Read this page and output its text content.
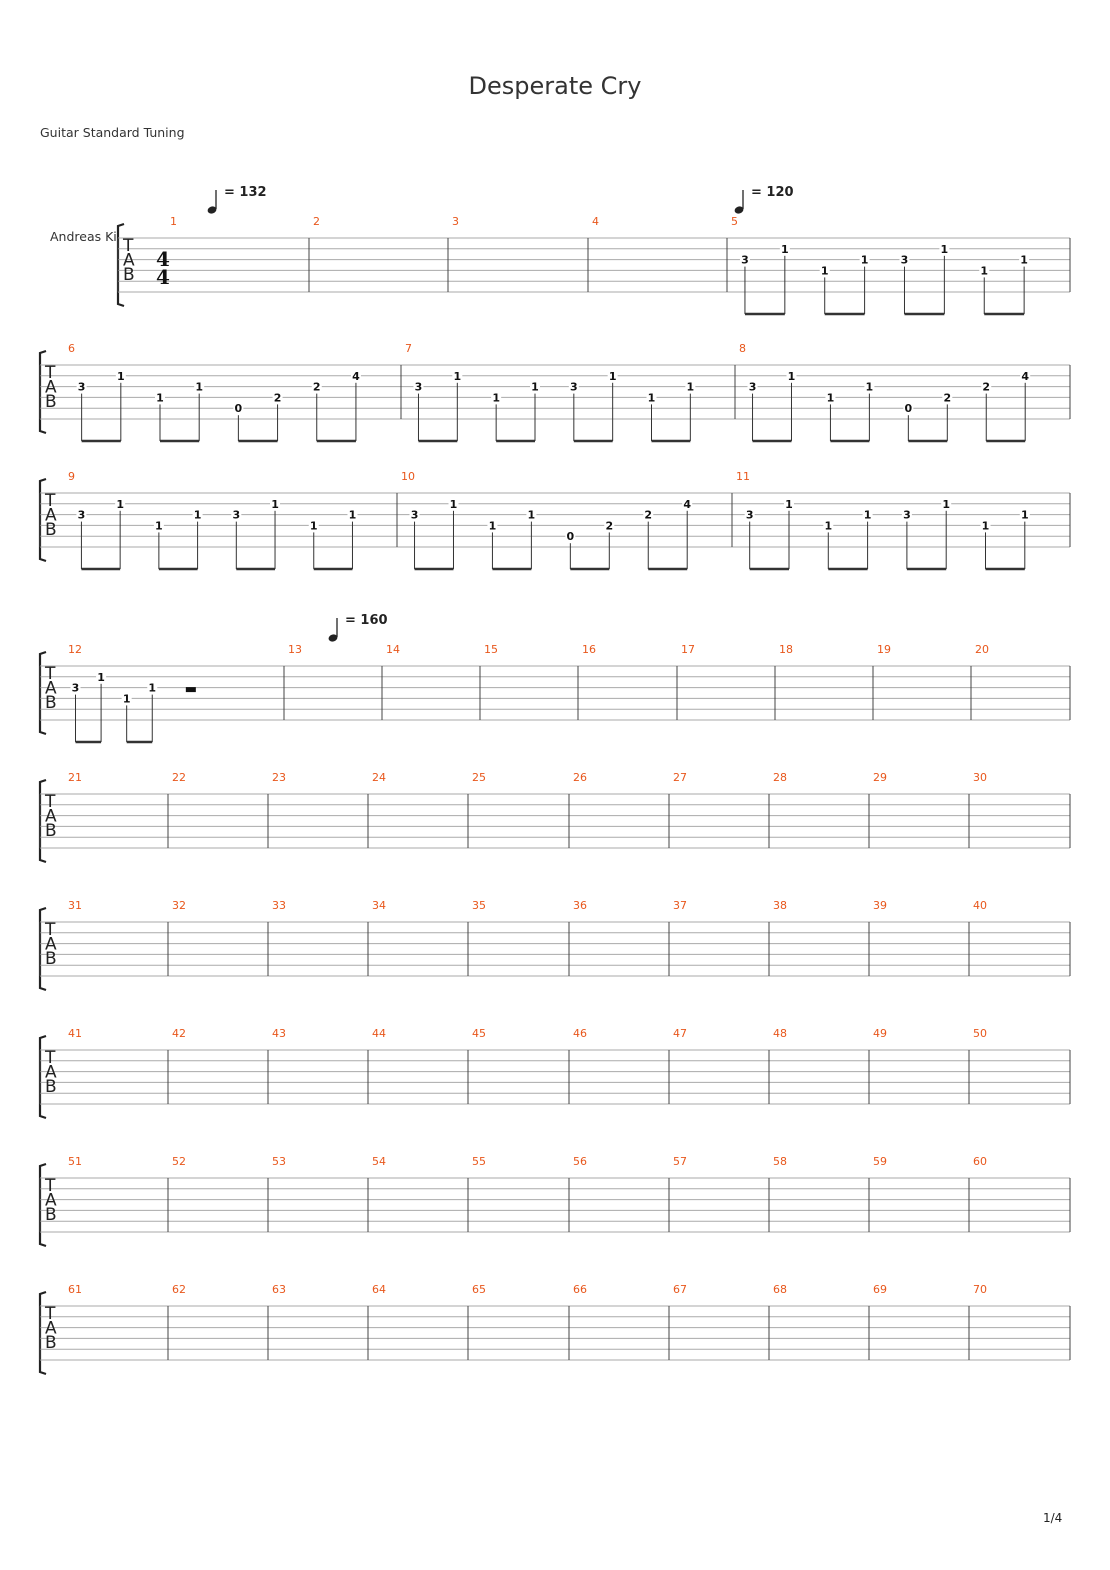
Desperate Cry
Guitar Standard Tuning
Andreas Ki T
A
B
4
4
1
= 132
2	3	4	5
= 120
3
1
1
1	3
1
1
1
T
A
B
6
3
1
1
1
0
2
2
4
7
3
1
1
1	3
1
1
1
8
3
1
1
1
0
2
2
4
T
A
B
9
3
1
1
1	3
1
1
1
10
3
1
1
1
0
2
2
4
11
3
1
1
1	3
1
1
1
T
A
B
12
3
1
1
1
13
= 160
14	15	16	17	18	19	20
T
A
B
21	22	23	24	25	26	27	28	29	30
T
A
B
31	32	33	34	35	36	37	38	39	40
T
A
B
41	42	43	44	45	46	47	48	49	50
T
A
B
51	52	53	54	55	56	57	58	59	60
T
A
B
61	62	63	64	65	66	67	68	69	70
1/4
